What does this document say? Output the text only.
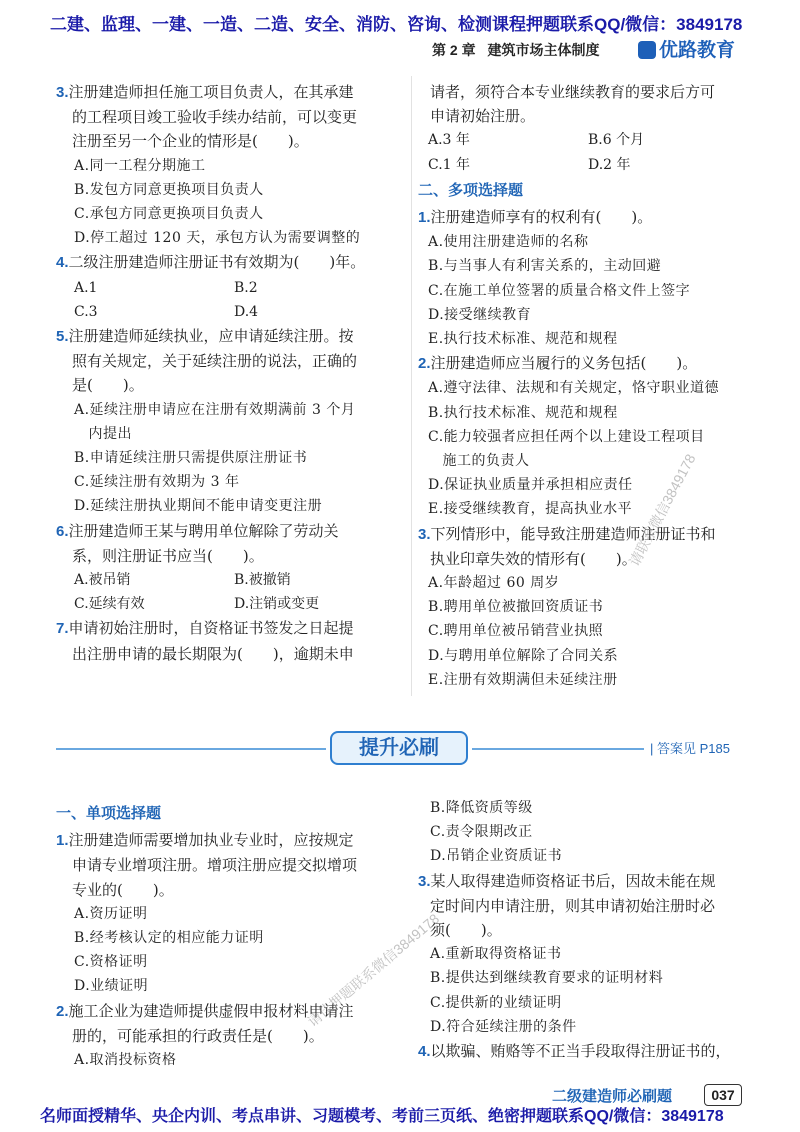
二建、监理、一建、一造、二造、安全、消防、咨询、检测课程押题联系QQ/微信：3849178
第 2 章 建筑市场主体制度	优路教育

3.注册建造师担任施工项目负责人，在其承建

的工程项目竣工验收手续办结前，可以变更

注册至另一个企业的情形是(　　)。

A.同一工程分期施工

B.发包方同意更换项目负责人

C.承包方同意更换项目负责人

D.停工超过 120 天，承包方认为需要调整的

4.二级注册建造师注册证书有效期为(　　)年。

A.1	B.2
C.3	D.4

5.注册建造师延续执业，应申请延续注册。按

照有关规定，关于延续注册的说法，正确的

是(　　)。

A.延续注册申请应在注册有效期满前 3 个月

　内提出

B.申请延续注册只需提供原注册证书

C.延续注册有效期为 3 年

D.延续注册执业期间不能申请变更注册

6.注册建造师王某与聘用单位解除了劳动关

系，则注册证书应当(　　)。

A.被吊销	B.被撤销
C.延续有效	D.注销或变更

7.申请初始注册时，自资格证书签发之日起提

出注册申请的最长期限为(　　)，逾期未申

请者，须符合本专业继续教育的要求后方可

申请初始注册。

A.3 年	B.6 个月
C.1 年	D.2 年

二、多项选择题

1.注册建造师享有的权利有(　　)。

A.使用注册建造师的名称

B.与当事人有利害关系的，主动回避

C.在施工单位签署的质量合格文件上签字

D.接受继续教育

E.执行技术标准、规范和规程

2.注册建造师应当履行的义务包括(　　)。

A.遵守法律、法规和有关规定，恪守职业道德

B.执行技术标准、规范和规程

C.能力较强者应担任两个以上建设工程项目

　施工的负责人

D.保证执业质量并承担相应责任

E.接受继续教育，提高执业水平

3.下列情形中，能导致注册建造师注册证书和

执业印章失效的情形有(　　)。

A.年龄超过 60 周岁

B.聘用单位被撤回资质证书

C.聘用单位被吊销营业执照

D.与聘用单位解除了合同关系

E.注册有效期满但未延续注册

提升必刷	| 答案见 P185

一、单项选择题

1.注册建造师需要增加执业专业时，应按规定

申请专业增项注册。增项注册应提交拟增项

专业的(　　)。

A.资历证明

B.经考核认定的相应能力证明

C.资格证明

D.业绩证明

2.施工企业为建造师提供虚假申报材料申请注

册的，可能承担的行政责任是(　　)。

A.取消投标资格

B.降低资质等级

C.责令限期改正

D.吊销企业资质证书

3.某人取得建造师资格证书后，因故未能在规

定时间内申请注册，则其申请初始注册时必

须(　　)。

A.重新取得资格证书

B.提供达到继续教育要求的证明材料

C.提供新的业绩证明

D.符合延续注册的条件

4.以欺骗、贿赂等不正当手段取得注册证书的，

请联系微信3849178
请佳押题联系微信3849178
二级建造师必刷题	037
名师面授精华、央企内训、考点串讲、习题模考、考前三页纸、绝密押题联系QQ/微信：3849178
